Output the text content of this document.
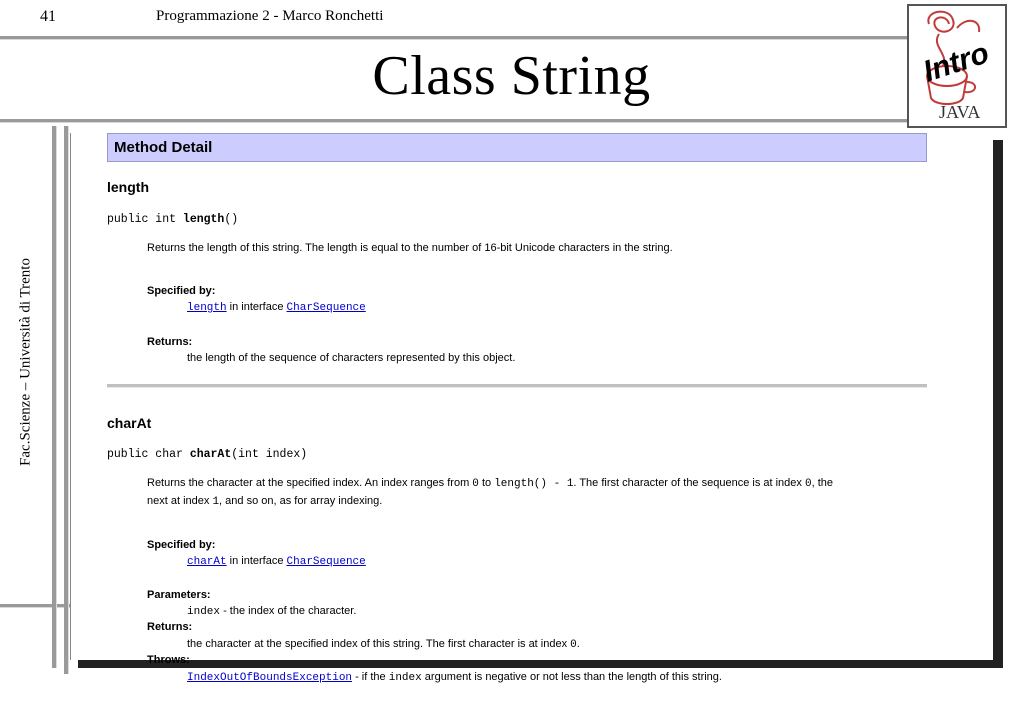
41	Programmazione 2 - Marco Ronchetti
Class String	Intro
JAVA
Fac.Scienze – Università di Trento
Method Detail
length
public int length()
Returns the length of this string. The length is equal to the number of 16-bit Unicode characters in the string.
Specified by:
length in interface CharSequence
Returns:
the length of the sequence of characters represented by this object.
charAt
public char charAt(int index)
Returns the character at the specified index. An index ranges from 0 to length() - 1. The first character of the sequence is at index 0, the
next at index 1, and so on, as for array indexing.
Specified by:
charAt in interface CharSequence
Parameters:
index - the index of the character.
Returns:
the character at the specified index of this string. The first character is at index 0.
Throws:
IndexOutOfBoundsException - if the index argument is negative or not less than the length of this string.
